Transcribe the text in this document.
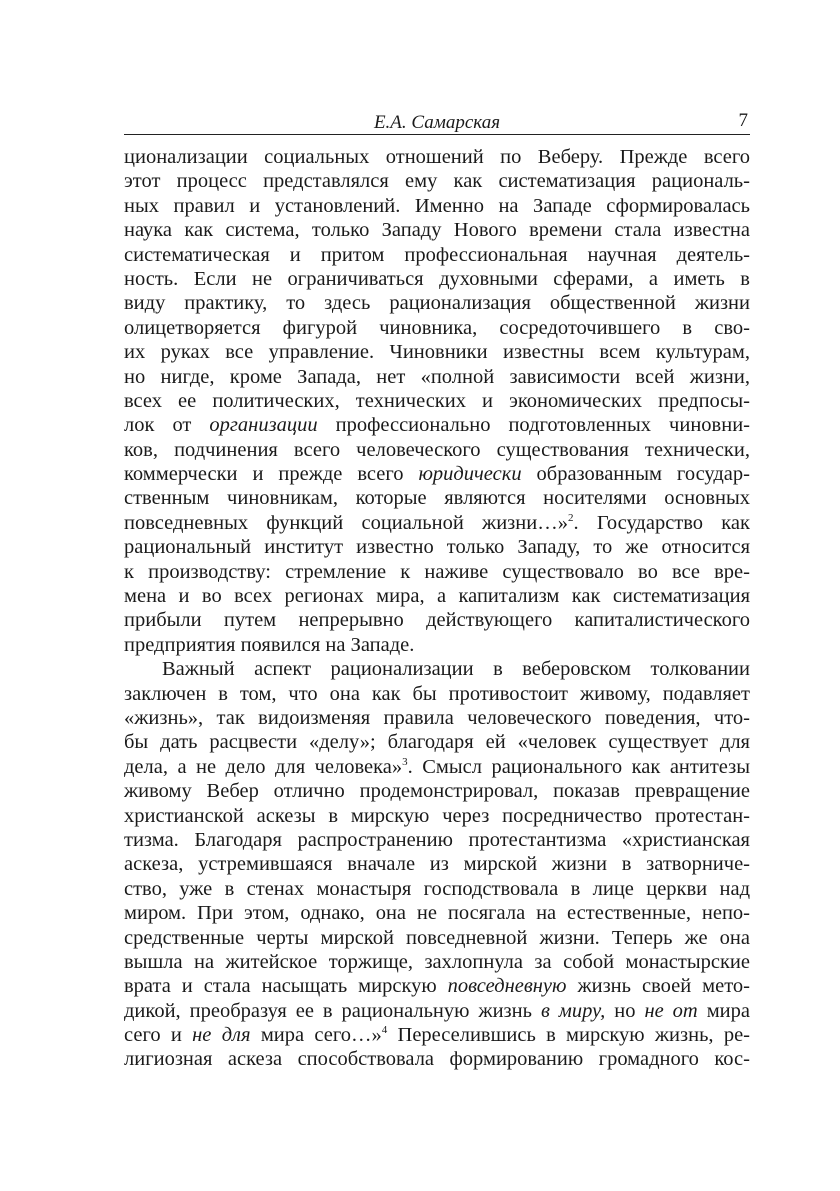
Е.А. Самарская	7
ционализации социальных отношений по Веберу. Прежде всего
этот процесс представлялся ему как систематизация рациональ-
ных правил и установлений. Именно на Западе сформировалась
наука как система, только Западу Нового времени стала известна
систематическая и притом профессиональная научная деятель-
ность. Если не ограничиваться духовными сферами, а иметь в
виду практику, то здесь рационализация общественной жизни
олицетворяется фигурой чиновника, сосредоточившего в сво-
их руках все управление. Чиновники известны всем культурам,
но нигде, кроме Запада, нет «полной зависимости всей жизни,
всех ее политических, технических и экономических предпосы-
лок от организации профессионально подготовленных чиновни-
ков, подчинения всего человеческого существования технически,
коммерчески и прежде всего юридически образованным государ-
ственным чиновникам, которые являются носителями основных
повседневных функций социальной жизни…»$^2$. Государство как
рациональный институт известно только Западу, то же относится
к производству: стремление к наживе существовало во все вре-
мена и во всех регионах мира, а капитализм как систематизация
прибыли путем непрерывно действующего капиталистического
предприятия появился на Западе.
Важный аспект рационализации в веберовском толковании
заключен в том, что она как бы противостоит живому, подавляет
«жизнь», так видоизменяя правила человеческого поведения, что-
бы дать расцвести «делу»; благодаря ей «человек существует для
дела, а не дело для человека»$^3$. Смысл рационального как антитезы
живому Вебер отлично продемонстрировал, показав превращение
христианской аскезы в мирскую через посредничество протестан-
тизма. Благодаря распространению протестантизма «христианская
аскеза, устремившаяся вначале из мирской жизни в затворниче-
ство, уже в стенах монастыря господствовала в лице церкви над
миром. При этом, однако, она не посягала на естественные, непо-
средственные черты мирской повседневной жизни. Теперь же она
вышла на житейское торжище, захлопнула за собой монастырские
врата и стала насыщать мирскую повседневную жизнь своей мето-
дикой, преобразуя ее в рациональную жизнь в миру, но не от мира
сего и не для мира сего…»$^4$ Переселившись в мирскую жизнь, ре-
лигиозная аскеза способствовала формированию громадного кос-
